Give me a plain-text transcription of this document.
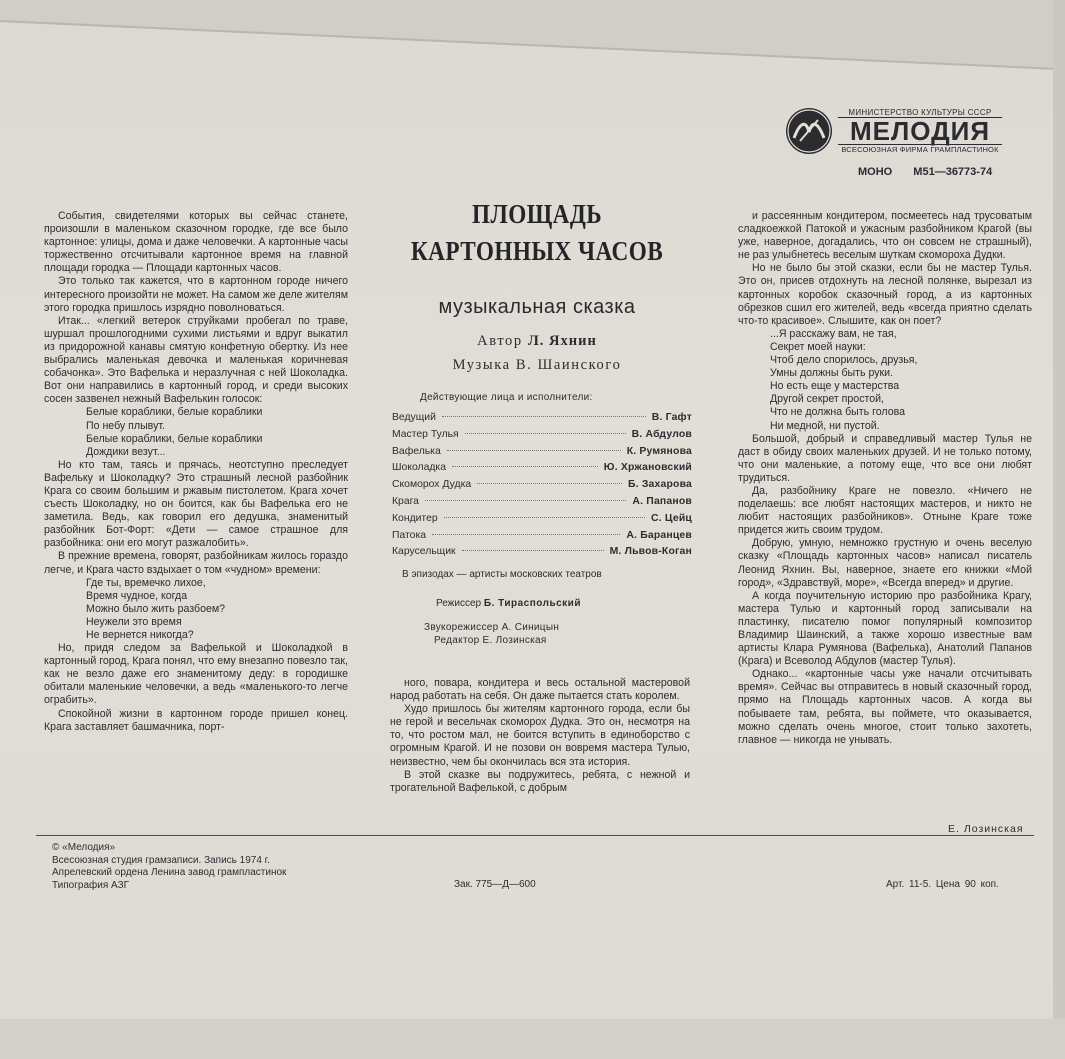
МИНИСТЕРСТВО КУЛЬТУРЫ СССР
МЕЛОДИЯ
ВСЕСОЮЗНАЯ ФИРМА ГРАМПЛАСТИНОК
МОНО М51—36773-74

События, свидетелями которых вы сейчас станете, произошли в маленьком сказочном городке, где все было картонное: улицы, дома и даже человечки. А картонные часы торжественно отсчитывали картонное время на главной площади городка — Площади картонных часов.

Это только так кажется, что в картонном городе ничего интересного произойти не может. На самом же деле жителям этого городка пришлось изрядно поволноваться.

Итак... «легкий ветерок струйками пробегал по траве, шуршал прошлогодними сухими листьями и вдруг выкатил из придорожной канавы смятую конфетную обертку. Из нее выбрались маленькая девочка и маленькая коричневая собачонка». Это Вафелька и неразлучная с ней Шоколадка. Вот они направились в картонный город, и среди высоких сосен зазвенел нежный Вафелькин голосок:

Белые кораблики, белые кораблики

По небу плывут.

Белые кораблики, белые кораблики

Дождики везут...

Но кто там, таясь и прячась, неотступно преследует Вафельку и Шоколадку? Это страшный лесной разбойник Крага со своим большим и ржавым пистолетом. Крага хочет съесть Шоколадку, но он боится, как бы Вафелька его не заметила. Ведь, как говорил его дедушка, знаменитый разбойник Бот-Форт: «Дети — самое страшное для разбойника: они его могут разжалобить».

В прежние времена, говорят, разбойникам жилось гораздо легче, и Крага часто вздыхает о том «чудном» времени:

Где ты, времечко лихое,

Время чудное, когда

Можно было жить разбоем?

Неужели это время

Не вернется никогда?

Но, придя следом за Вафелькой и Шоколадкой в картонный город, Крага понял, что ему внезапно повезло так, как не везло даже его знаменитому деду: в городишке обитали маленькие человечки, а ведь «маленького-то легче ограбить».

Спокойной жизни в картонном городе пришел конец. Крага заставляет башмачника, порт-

ПЛОЩАДЬ
КАРТОННЫХ ЧАСОВ
музыкальная сказка
Автор Л. Яхнин
Музыка В. Шаинского
Действующие лица и исполнители:
Ведущий	В. Гафт
Мастер Тулья	В. Абдулов
Вафелька	К. Румянова
Шоколадка	Ю. Хржановский
Скоморох Дудка	Б. Захарова
Крага	А. Папанов
Кондитер	С. Цейц
Патока	А. Баранцев
Карусельщик	М. Львов-Коган
В эпизодах — артисты московских театров
Режиссер Б. Тираспольский
Звукорежиссер А. Синицын
Редактор Е. Лозинская

ного, повара, кондитера и весь остальной мастеровой народ работать на себя. Он даже пытается стать королем.

Худо пришлось бы жителям картонного города, если бы не герой и весельчак скоморох Дудка. Это он, несмотря на то, что ростом мал, не боится вступить в единоборство с огромным Крагой. И не позови он вовремя мастера Тулью, неизвестно, чем бы окончилась вся эта история.

В этой сказке вы подружитесь, ребята, с нежной и трогательной Вафелькой, с добрым

и рассеянным кондитером, посмеетесь над трусоватым сладкоежкой Патокой и ужасным разбойником Крагой (вы уже, наверное, догадались, что он совсем не страшный), не раз улыбнетесь веселым шуткам скомороха Дудки.

Но не было бы этой сказки, если бы не мастер Тулья. Это он, присев отдохнуть на лесной полянке, вырезал из картонных коробок сказочный город, а из картонных обрезков сшил его жителей, ведь «всегда приятно сделать что-то красивое». Слышите, как он поет?

...Я расскажу вам, не тая,

Секрет моей науки:

Чтоб дело спорилось, друзья,

Умны должны быть руки.

Но есть еще у мастерства

Другой секрет простой,

Что не должна быть голова

Ни медной, ни пустой.

Большой, добрый и справедливый мастер Тулья не даст в обиду своих маленьких друзей. И не только потому, что они маленькие, а потому еще, что все они любят трудиться.

Да, разбойнику Краге не повезло. «Ничего не поделаешь: все любят настоящих мастеров, и никто не любит настоящих разбойников». Отныне Краге тоже придется жить своим трудом.

Добрую, умную, немножко грустную и очень веселую сказку «Площадь картонных часов» написал писатель Леонид Яхнин. Вы, наверное, знаете его книжки «Мой город», «Здравствуй, море», «Всегда вперед» и другие.

А когда поучительную историю про разбойника Крагу, мастера Тулью и картонный город записывали на пластинку, писателю помог популярный композитор Владимир Шаинский, а также хорошо известные вам артисты Клара Румянова (Вафелька), Анатолий Папанов (Крага) и Всеволод Абдулов (мастер Тулья).

Однако... «картонные часы уже начали отсчитывать время». Сейчас вы отправитесь в новый сказочный город, прямо на Площадь картонных часов. А когда вы побываете там, ребята, вы поймете, что оказывается, можно сделать очень многое, стоит только захотеть, главное — никогда не унывать.

Е. Лозинская
© «Мелодия»
Всесоюзная студия грамзаписи. Запись 1974 г.
Апрелевский ордена Ленина завод грампластинок
Типография АЗГ	Зак. 775—Д—600	Арт. 11-5. Цена 90 коп.
